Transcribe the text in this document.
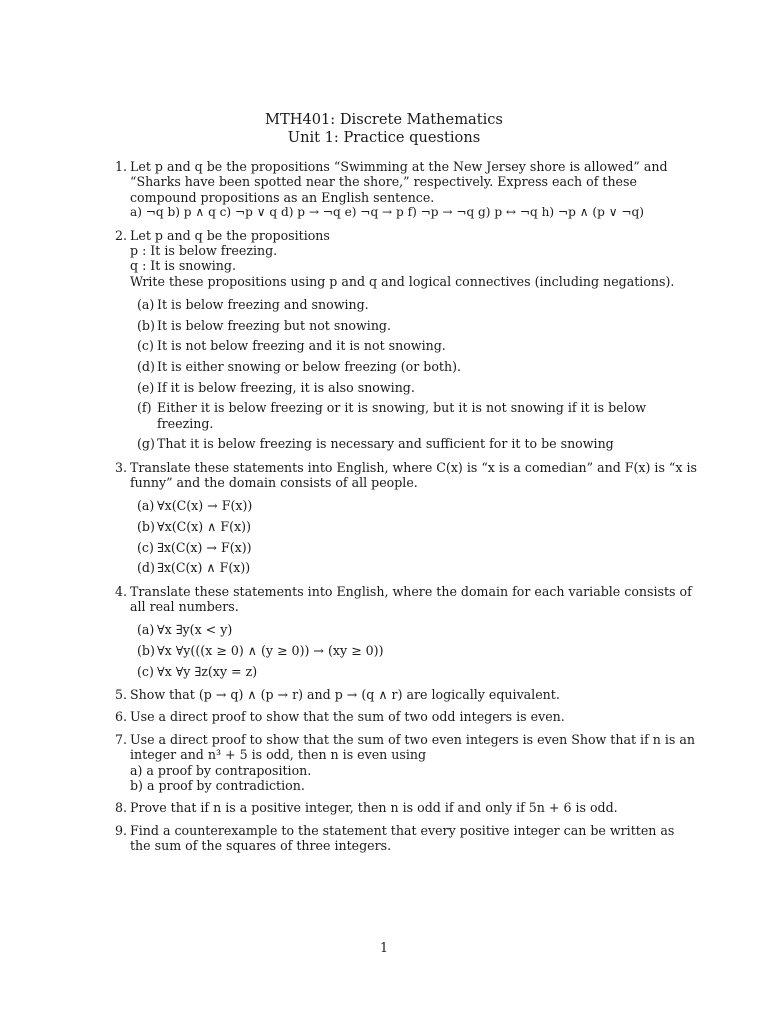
MTH401: Discrete Mathematics
Unit 1: Practice questions
1. Let p and q be the propositions “Swimming at the New Jersey shore is allowed” and “Sharks have been spotted near the shore,” respectively. Express each of these compound propositions as an English sentence.
a) ¬q b) p ∧ q c) ¬p ∨ q d) p → ¬q e) ¬q → p f) ¬p → ¬q g) p ↔ ¬q h) ¬p ∧ (p ∨ ¬q)
2. Let p and q be the propositions
p : It is below freezing.
q : It is snowing.
Write these propositions using p and q and logical connectives (including negations).
(a) It is below freezing and snowing.
(b) It is below freezing but not snowing.
(c) It is not below freezing and it is not snowing.
(d) It is either snowing or below freezing (or both).
(e) If it is below freezing, it is also snowing.
(f) Either it is below freezing or it is snowing, but it is not snowing if it is below freezing.
(g) That it is below freezing is necessary and sufficient for it to be snowing
3. Translate these statements into English, where C(x) is “x is a comedian” and F(x) is “x is funny” and the domain consists of all people.
(a) ∀x(C(x) → F(x))
(b) ∀x(C(x) ∧ F(x))
(c) ∃x(C(x) → F(x))
(d) ∃x(C(x) ∧ F(x))
4. Translate these statements into English, where the domain for each variable consists of all real numbers.
(a) ∀x ∃y(x < y)
(b) ∀x ∀y(((x ≥ 0) ∧ (y ≥ 0)) → (xy ≥ 0))
(c) ∀x ∀y ∃z(xy = z)
5. Show that (p → q) ∧ (p → r) and p → (q ∧ r) are logically equivalent.
6. Use a direct proof to show that the sum of two odd integers is even.
7. Use a direct proof to show that the sum of two even integers is even Show that if n is an integer and n³ + 5 is odd, then n is even using
a) a proof by contraposition.
b) a proof by contradiction.
8. Prove that if n is a positive integer, then n is odd if and only if 5n + 6 is odd.
9. Find a counterexample to the statement that every positive integer can be written as the sum of the squares of three integers.
1
